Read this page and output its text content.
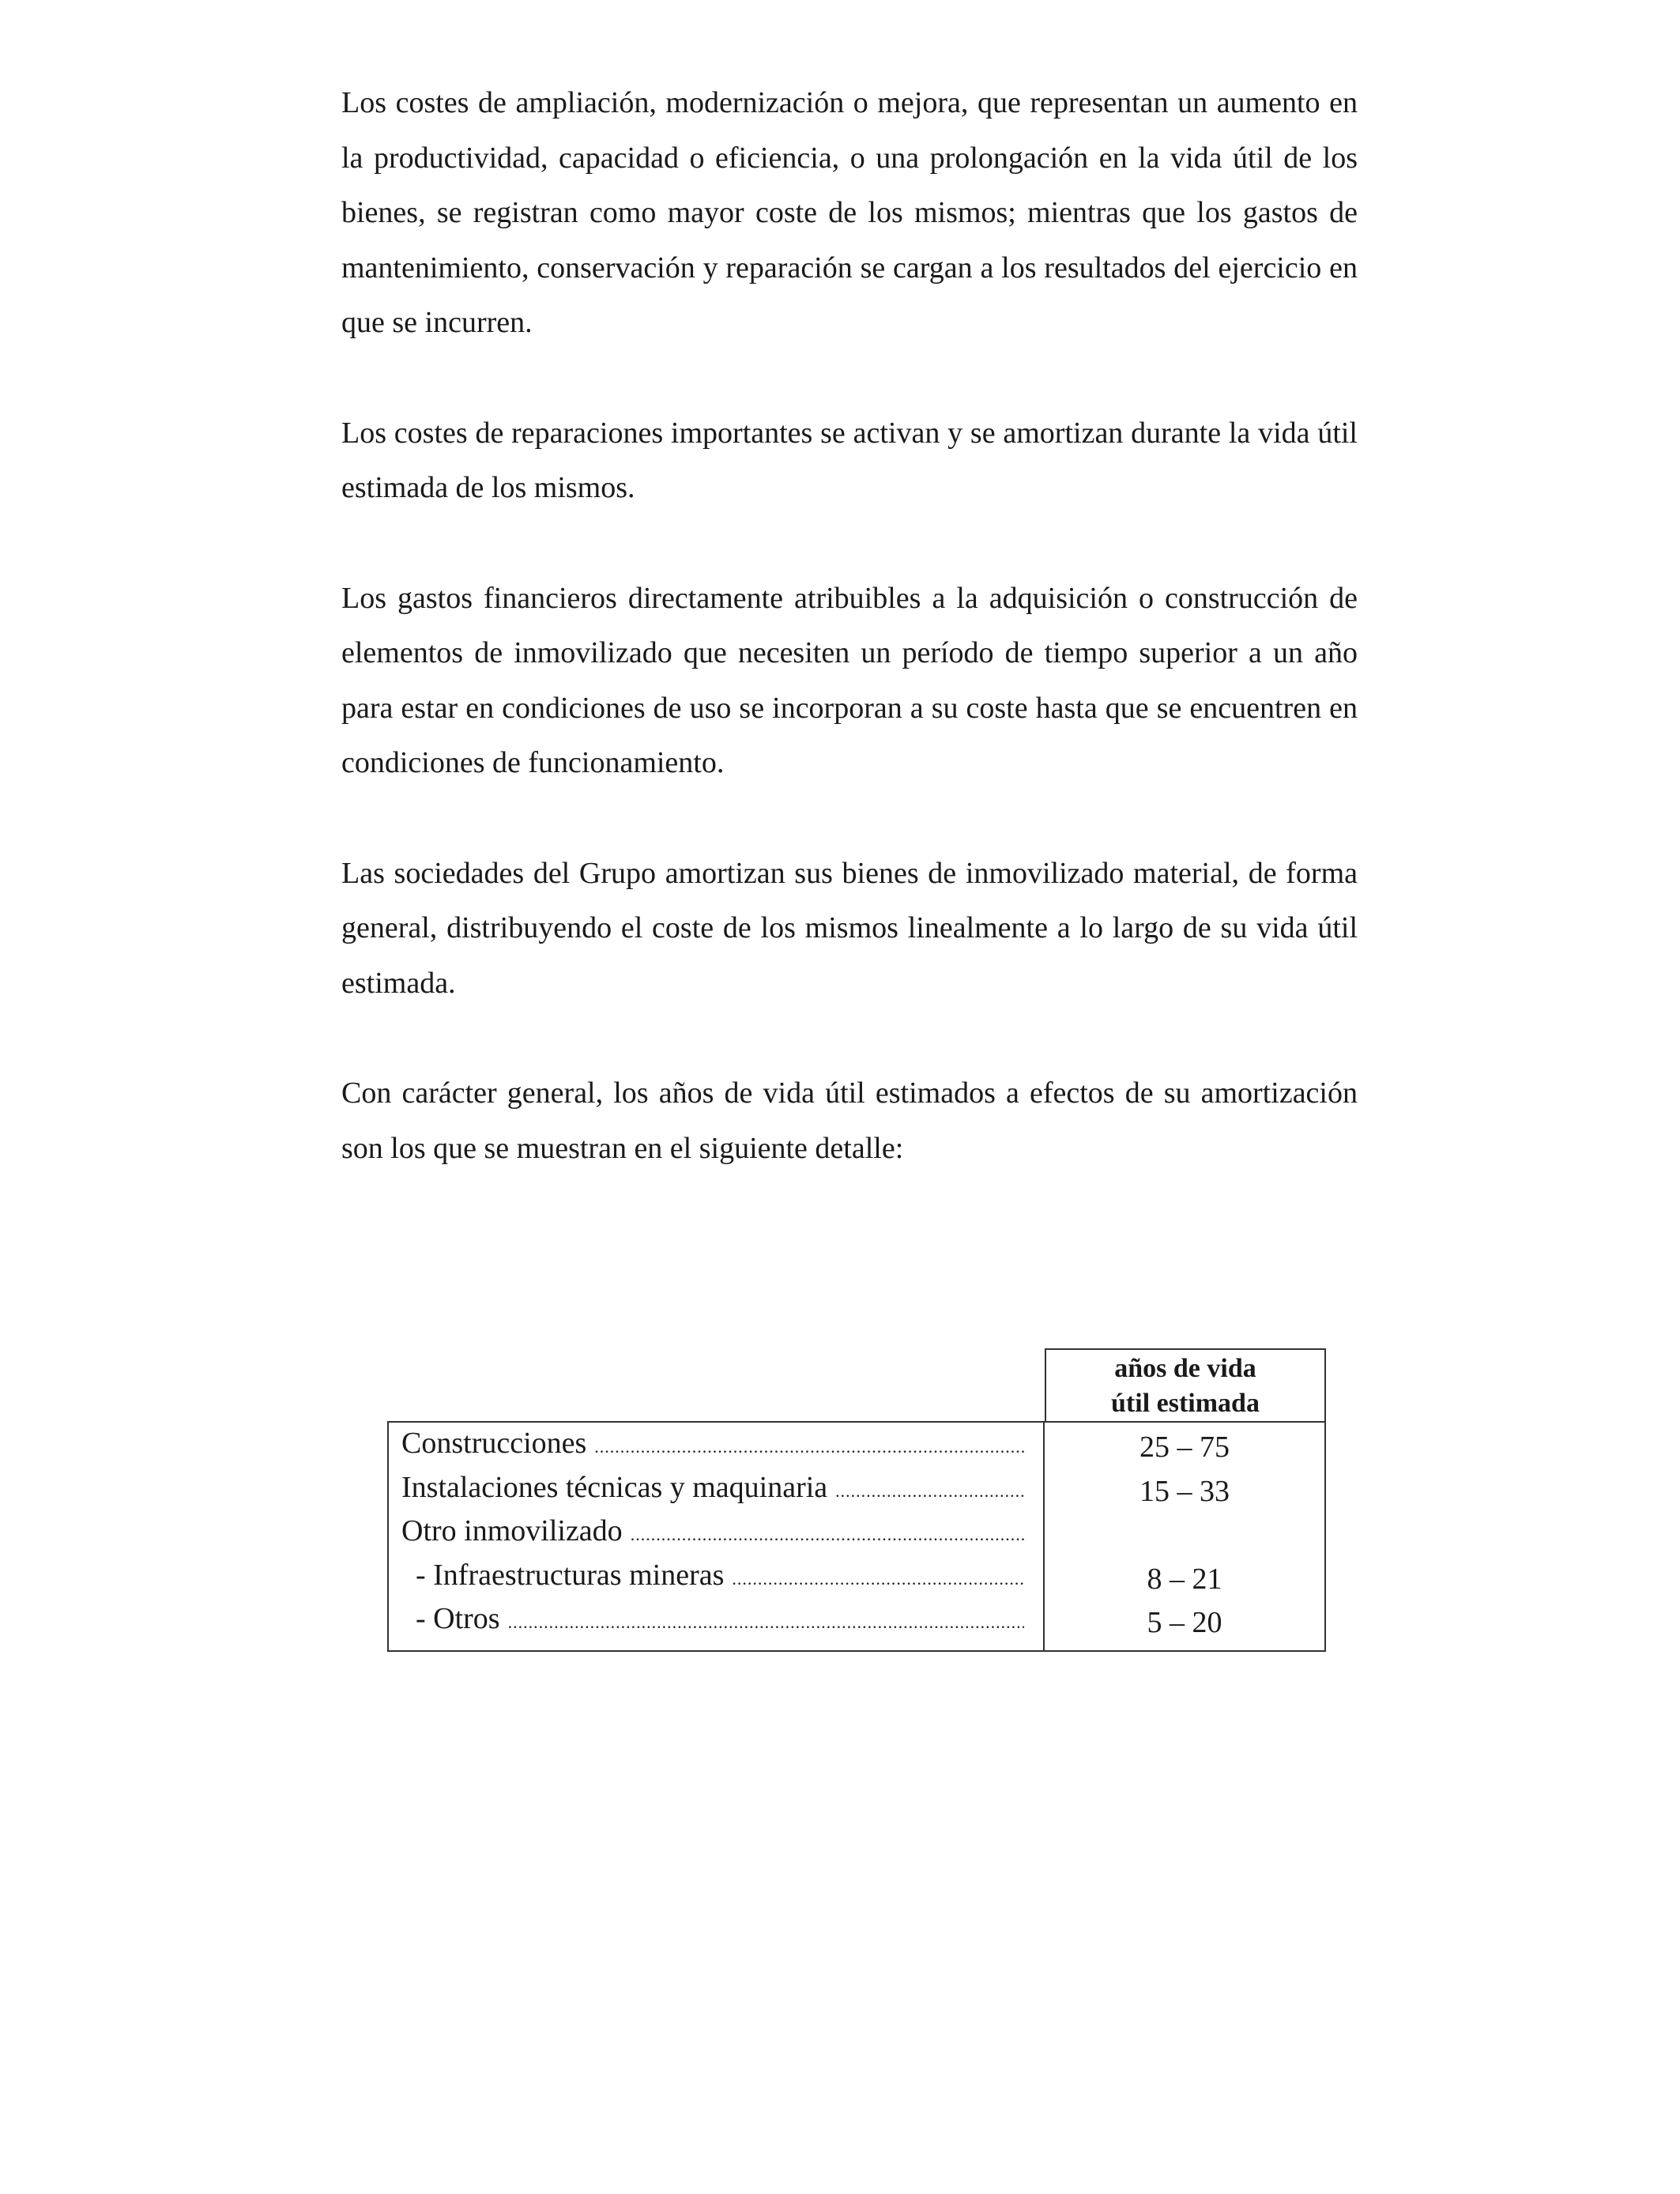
Los costes de ampliación, modernización o mejora, que representan un aumento en la productividad, capacidad o eficiencia, o una prolongación en la vida útil de los bienes, se registran como mayor coste de los mismos; mientras que los gastos de mantenimiento, conservación y reparación se cargan a los resultados del ejercicio en que se incurren.

Los costes de reparaciones importantes se activan y se amortizan durante la vida útil estimada de los mismos.

Los gastos financieros directamente atribuibles a la adquisición o construcción de elementos de inmovilizado que necesiten un período de tiempo superior a un año para estar en condiciones de uso se incorporan a su coste hasta que se encuentren en condiciones de funcionamiento.

Las sociedades del Grupo amortizan sus bienes de inmovilizado material, de forma general, distribuyendo el coste de los mismos linealmente a lo largo de su vida útil estimada.

Con carácter general, los años de vida útil estimados a efectos de su amortización son los que se muestran en el siguiente detalle:

años de vida
útil estimada
Construcciones
.....
Instalaciones técnicas y maquinaria
.....
Otro inmovilizado
.....
- Infraestructuras mineras
.....
- Otros
.....
25 – 75
15 – 33
8 – 21
5 – 20
